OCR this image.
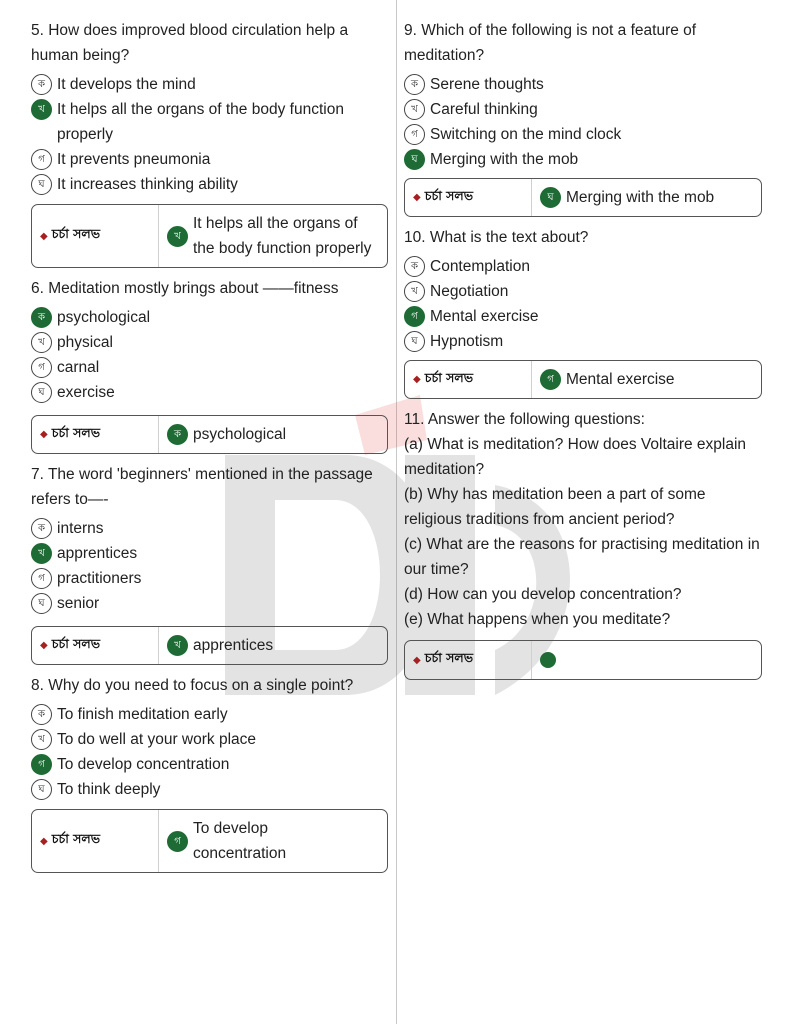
5. How does improved blood circulation help a human being?

ক It develops the mind
খ It helps all the organs of the body function properly
গ It prevents pneumonia
ঘ It increases thinking ability
◆ চর্চা সলভ	খ
It helps all the organs of the body function properly

6. Meditation mostly brings about ——fitness

ক psychological
খ physical
গ carnal
ঘ exercise
◆ চর্চা সলভ	ক psychological

7. The word 'beginners' mentioned in the passage refers to—-

ক interns
খ apprentices
গ practitioners
ঘ senior
◆ চর্চা সলভ	খ apprentices

8. Why do you need to focus on a single point?

ক To finish meditation early
খ To do well at your work place
গ To develop concentration
ঘ To think deeply
◆ চর্চা সলভ	গ
To develop concentration

9. Which of the following is not a feature of meditation?

ক Serene thoughts
খ Careful thinking
গ Switching on the mind clock
ঘ Merging with the mob
◆ চর্চা সলভ	ঘ Merging with the mob

10. What is the text about?

ক Contemplation
খ Negotiation
গ Mental exercise
ঘ Hypnotism
◆ চর্চা সলভ	গ Mental exercise

11. Answer the following questions:

(a) What is meditation? How does Voltaire explain meditation?

(b) Why has meditation been a part of some religious traditions from ancient period?

(c) What are the reasons for practising meditation in our time?

(d) How can you develop concentration?

(e) What happens when you meditate?

◆ চর্চা সলভ
